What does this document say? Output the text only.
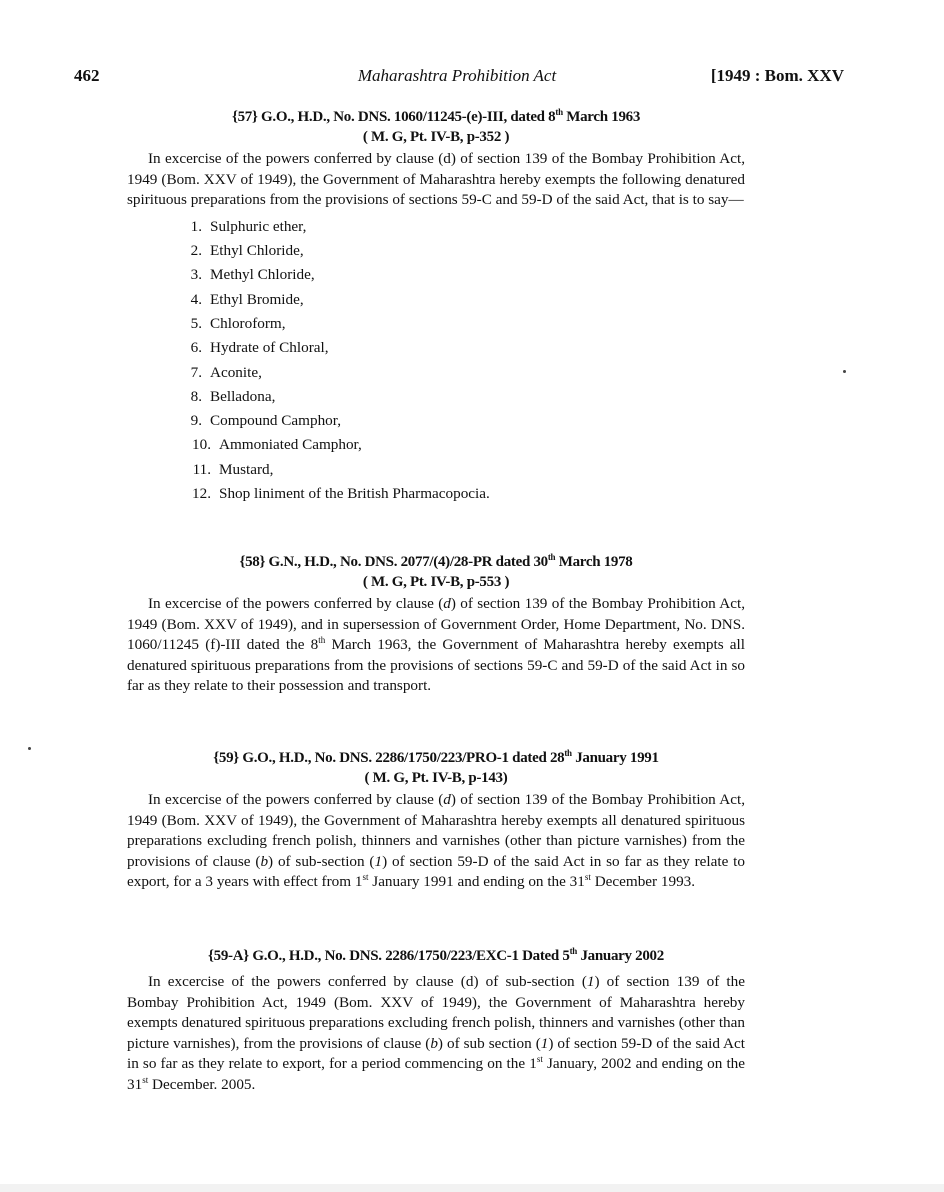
462	Maharashtra Prohibition Act	[1949 : Bom. XXV
{57} G.O., H.D., No. DNS. 1060/11245-(e)-III, dated 8th March 1963
( M. G, Pt. IV-B, p-352 )

In excercise of the powers conferred by clause (d) of section 139 of the Bombay Prohibition Act, 1949 (Bom. XXV of 1949), the Government of Maharashtra hereby exempts the following denatured spirituous preparations from the provisions of sections 59-C and 59-D of the said Act, that is to say—

1. Sulphuric ether,
2. Ethyl Chloride,
3. Methyl Chloride,
4. Ethyl Bromide,
5. Chloroform,
6. Hydrate of Chloral,
7. Aconite,
8. Belladona,
9. Compound Camphor,
10. Ammoniated Camphor,
11. Mustard,
12. Shop liniment of the British Pharmacopocia.
{58} G.N., H.D., No. DNS. 2077/(4)/28-PR dated 30th March 1978
( M. G, Pt. IV-B, p-553 )

In excercise of the powers conferred by clause (d) of section 139 of the Bombay Prohibition Act, 1949 (Bom. XXV of 1949), and in supersession of Government Order, Home Department, No. DNS. 1060/11245 (f)-III dated the 8th March 1963, the Government of Maharashtra hereby exempts all denatured spirituous preparations from the provisions of sections 59-C and 59-D of the said Act in so far as they relate to their possession and transport.

{59} G.O., H.D., No. DNS. 2286/1750/223/PRO-1 dated 28th January 1991
( M. G, Pt. IV-B, p-143)

In excercise of the powers conferred by clause (d) of section 139 of the Bombay Prohibition Act, 1949 (Bom. XXV of 1949), the Government of Maharashtra hereby exempts all denatured spirituous preparations excluding french polish, thinners and varnishes (other than picture varnishes) from the provisions of clause (b) of sub-section (1) of section 59-D of the said Act in so far as they relate to export, for a 3 years with effect from 1st January 1991 and ending on the 31st December 1993.

{59-A} G.O., H.D., No. DNS. 2286/1750/223/EXC-1 Dated 5th January 2002

In excercise of the powers conferred by clause (d) of sub-section (1) of section 139 of the Bombay Prohibition Act, 1949 (Bom. XXV of 1949), the Government of Maharashtra hereby exempts denatured spirituous preparations excluding french polish, thinners and varnishes (other than picture varnishes), from the provisions of clause (b) of sub section (1) of section 59-D of the said Act in so far as they relate to export, for a period commencing on the 1st January, 2002 and ending on the 31st December. 2005.
